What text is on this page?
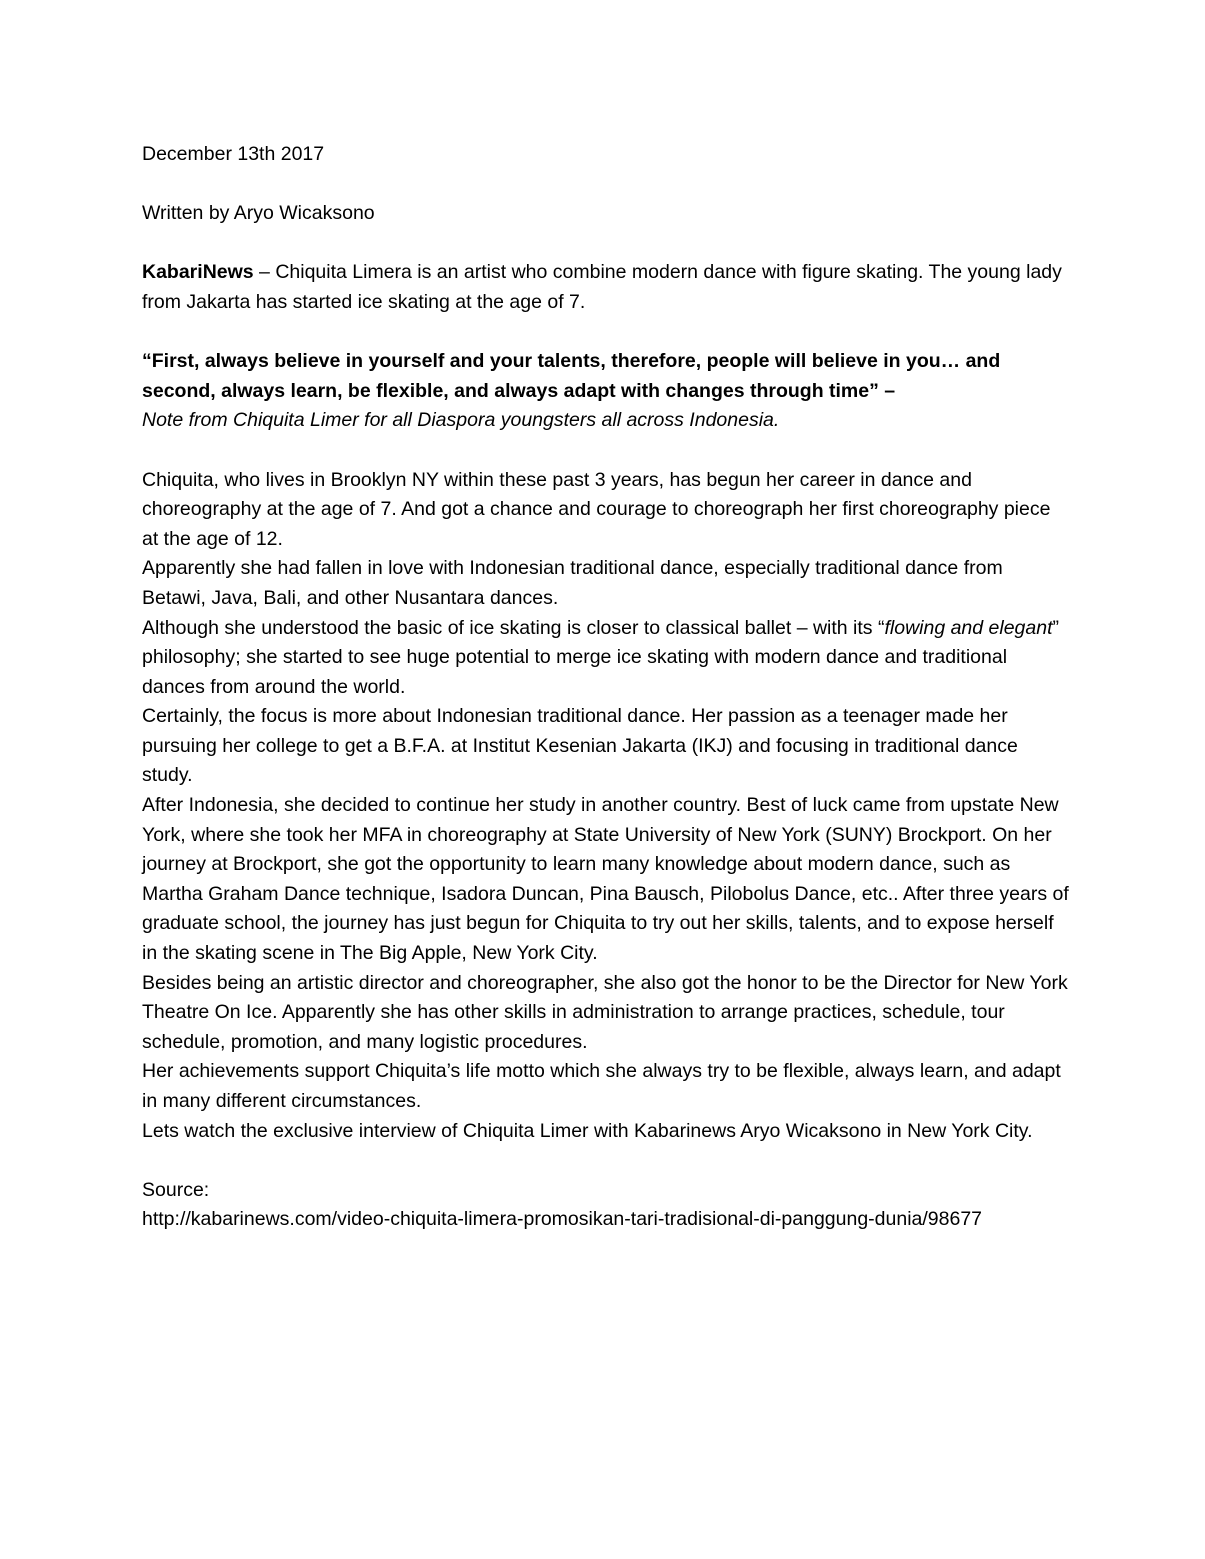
December 13th 2017

Written by Aryo Wicaksono

KabariNews – Chiquita Limera is an artist who combine modern dance with figure skating. The young lady from Jakarta has started ice skating at the age of 7.

“First, always believe in yourself and your talents, therefore, people will believe in you… and second, always learn, be flexible, and always adapt with changes through time” –

Note from Chiquita Limer for all Diaspora youngsters all across Indonesia.

Chiquita, who lives in Brooklyn NY within these past 3 years, has begun her career in dance and choreography at the age of 7. And got a chance and courage to choreograph her first choreography piece at the age of 12.

Apparently she had fallen in love with Indonesian traditional dance, especially traditional dance from Betawi, Java, Bali, and other Nusantara dances.

Although she understood the basic of ice skating is closer to classical ballet – with its “flowing and elegant” philosophy; she started to see huge potential to merge ice skating with modern dance and traditional dances from around the world.

Certainly, the focus is more about Indonesian traditional dance. Her passion as a teenager made her pursuing her college to get a B.F.A. at Institut Kesenian Jakarta (IKJ) and focusing in traditional dance study.

After Indonesia, she decided to continue her study in another country. Best of luck came from upstate New York, where she took her MFA in choreography at State University of New York (SUNY) Brockport. On her journey at Brockport, she got the opportunity to learn many knowledge about modern dance, such as Martha Graham Dance technique, Isadora Duncan, Pina Bausch, Pilobolus Dance, etc.. After three years of graduate school, the journey has just begun for Chiquita to try out her skills, talents, and to expose herself in the skating scene in The Big Apple, New York City.

Besides being an artistic director and choreographer, she also got the honor to be the Director for New York Theatre On Ice. Apparently she has other skills in administration to arrange practices, schedule, tour schedule, promotion, and many logistic procedures.

Her achievements support Chiquita’s life motto which she always try to be flexible, always learn, and adapt in many different circumstances.

Lets watch the exclusive interview of Chiquita Limer with Kabarinews Aryo Wicaksono in New York City.

Source:

http://kabarinews.com/video-chiquita-limera-promosikan-tari-tradisional-di-panggung-dunia/98677
